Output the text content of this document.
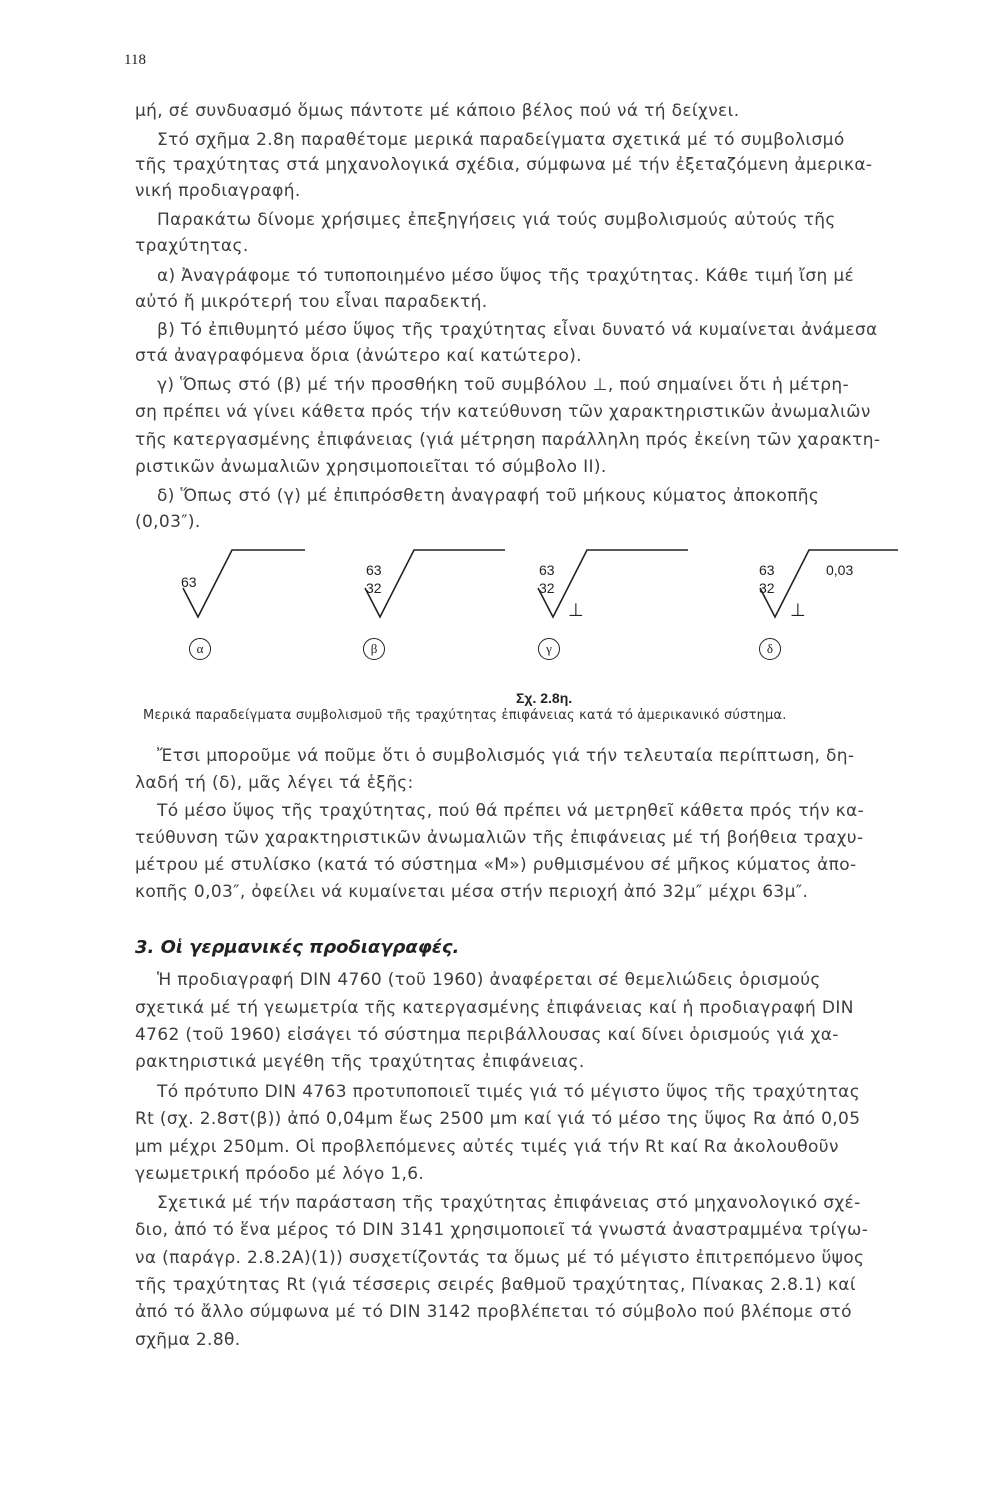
118
μή, σέ συνδυασμό ὅμως πάντοτε μέ κάποιο βέλος πού νά τή δείχνει.
Στό σχῆμα 2.8η παραθέτομε μερικά παραδείγματα σχετικά μέ τό συμβολισμό
τῆς τραχύτητας στά μηχανολογικά σχέδια, σύμφωνα μέ τήν ἐξεταζόμενη ἀμερικα-
νική προδιαγραφή.
Παρακάτω δίνομε χρήσιμες ἐπεξηγήσεις γιά τούς συμβολισμούς αὐτούς τῆς
τραχύτητας.
α) Ἀναγράφομε τό τυποποιημένο μέσο ὕψος τῆς τραχύτητας. Κάθε τιμή ἴση μέ
αὐτό ἤ μικρότερή του εἶναι παραδεκτή.
β) Τό ἐπιθυμητό μέσο ὕψος τῆς τραχύτητας εἶναι δυνατό νά κυμαίνεται ἀνάμεσα
στά ἀναγραφόμενα ὅρια (ἀνώτερο καί κατώτερο).
γ) Ὅπως στό (β) μέ τήν προσθήκη τοῦ συμβόλου ⊥, πού σημαίνει ὅτι ἡ μέτρη-
ση πρέπει νά γίνει κάθετα πρός τήν κατεύθυνση τῶν χαρακτηριστικῶν ἀνωμαλιῶν
τῆς κατεργασμένης ἐπιφάνειας (γιά μέτρηση παράλληλη πρός ἐκείνη τῶν χαρακτη-
ριστικῶν ἀνωμαλιῶν χρησιμοποιεῖται τό σύμβολο ΙΙ).
δ) Ὅπως στό (γ) μέ ἐπιπρόσθετη ἀναγραφή τοῦ μήκους κύματος ἀποκοπῆς
(0,03″).
63
α
63
32
β
63
32
⊥
γ
63
32
⊥
0,03
δ
Σχ. 2.8η.
Μερικά παραδείγματα συμβολισμοῦ τῆς τραχύτητας ἐπιφάνειας κατά τό ἀμερικανικό σύστημα.
Ἔτσι μποροῦμε νά ποῦμε ὅτι ὁ συμβολισμός γιά τήν τελευταία περίπτωση, δη-
λαδή τή (δ), μᾶς λέγει τά ἑξῆς:
Τό μέσο ὕψος τῆς τραχύτητας, πού θά πρέπει νά μετρηθεῖ κάθετα πρός τήν κα-
τεύθυνση τῶν χαρακτηριστικῶν ἀνωμαλιῶν τῆς ἐπιφάνειας μέ τή βοήθεια τραχυ-
μέτρου μέ στυλίσκο (κατά τό σύστημα «Μ») ρυθμισμένου σέ μῆκος κύματος ἀπο-
κοπῆς 0,03″, ὀφείλει νά κυμαίνεται μέσα στήν περιοχή ἀπό 32μ″ μέχρι 63μ″.
3. Οἱ γερμανικές προδιαγραφές.
Ἡ προδιαγραφή DIN 4760 (τοῦ 1960) ἀναφέρεται σέ θεμελιώδεις ὁρισμούς
σχετικά μέ τή γεωμετρία τῆς κατεργασμένης ἐπιφάνειας καί ἡ προδιαγραφή DIN
4762 (τοῦ 1960) εἰσάγει τό σύστημα περιβάλλουσας καί δίνει ὁρισμούς γιά χα-
ρακτηριστικά μεγέθη τῆς τραχύτητας ἐπιφάνειας.
Τό πρότυπο DIN 4763 προτυποποιεῖ τιμές γιά τό μέγιστο ὕψος τῆς τραχύτητας
Rt (σχ. 2.8στ(β)) ἀπό 0,04μm ἕως 2500 μm καί γιά τό μέσο της ὕψος Rα ἀπό 0,05
μm μέχρι 250μm. Οἱ προβλεπόμενες αὐτές τιμές γιά τήν Rt καί Rα ἀκολουθοῦν
γεωμετρική πρόοδο μέ λόγο 1,6.
Σχετικά μέ τήν παράσταση τῆς τραχύτητας ἐπιφάνειας στό μηχανολογικό σχέ-
διο, ἀπό τό ἕνα μέρος τό DIN 3141 χρησιμοποιεῖ τά γνωστά ἀναστραμμένα τρίγω-
να (παράγρ. 2.8.2Α)(1)) συσχετίζοντάς τα ὅμως μέ τό μέγιστο ἐπιτρεπόμενο ὕψος
τῆς τραχύτητας Rt (γιά τέσσερις σειρές βαθμοῦ τραχύτητας, Πίνακας 2.8.1) καί
ἀπό τό ἄλλο σύμφωνα μέ τό DIN 3142 προβλέπεται τό σύμβολο πού βλέπομε στό
σχῆμα 2.8θ.
